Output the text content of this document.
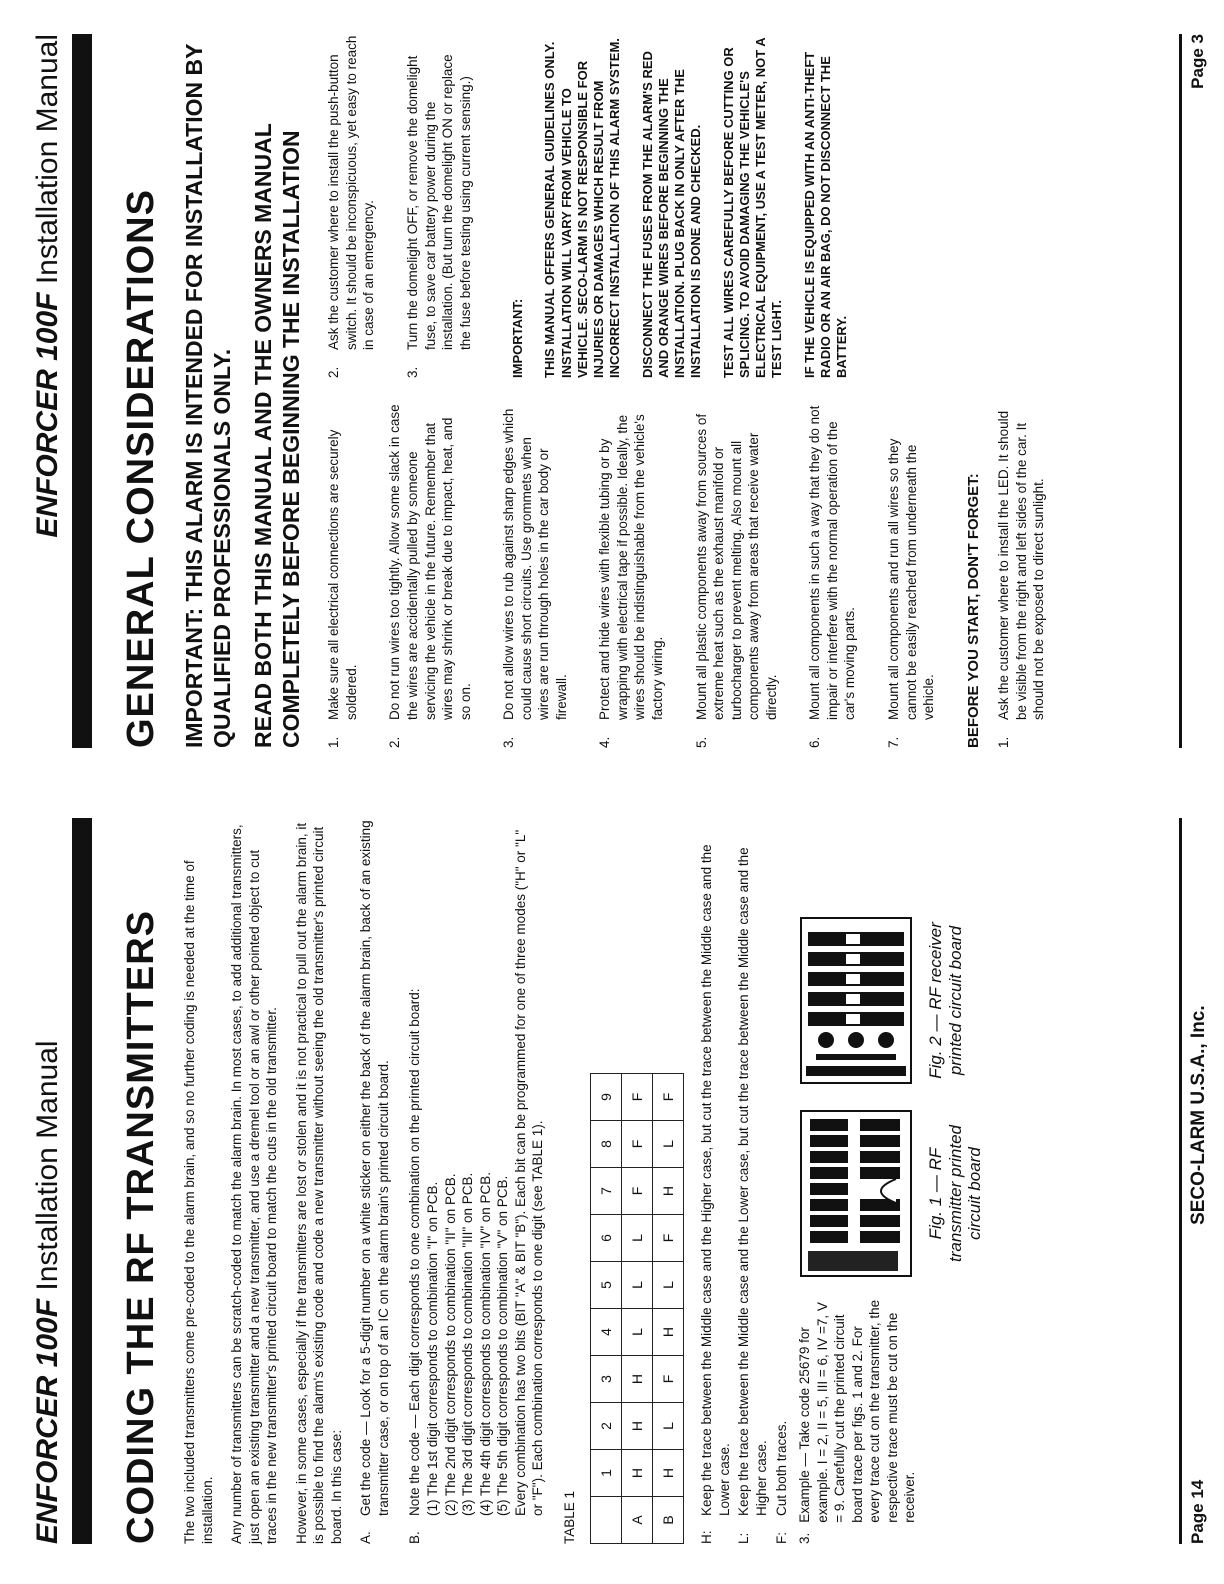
ENFORCER 100F Installation Manual CODING THE RF TRANSMITTERS The two included transmitters come pre-coded to the alarm brain, and so no further coding is needed at the time of installation. Any number of transmitters can be scratch-coded to match the alarm brain. In most cases, to add additional transmitters, just open an existing transmitter and a new transmitter, and use a dremel tool or an awl or other pointed object to cut traces in the new transmitter's printed circuit board to match the cuts in the old transmitter. However, in some cases, especially if the transmitters are lost or stolen and it is not practical to pull out the alarm brain, it is possible to find the alarm's existing code and code a new transmitter without seeing the old transmitter's printed circuit board. In this case: A.
Get the code — Look for a 5-digit number on a white sticker on either the back of the alarm brain, back of an existing transmitter case, or on top of an IC on the alarm brain's printed circuit board.
B.
Note the code — Each digit corresponds to one combination on the printed circuit board: (1) The 1st digit corresponds to combination "I" on PCB. (2) The 2nd digit corresponds to combination "II" on PCB. (3) The 3rd digit corresponds to combination "III" on PCB. (4) The 4th digit corresponds to combination "IV" on PCB. (5) The 5th digit corresponds to combination "V" on PCB. Every combination has two bits (BIT "A" & BIT "B"). Each bit can be programmed for one of three modes ("H" or "L" or "F"). Each combination corresponds to one digit (see TABLE 1).
TABLE 1
	1	2	3	4	5	6	7	8	9
A	H	H	H	L	L	L	F	F	F
B	H	L	F	H	L	F	H	L	F
H:
Keep the trace between the Middle case and the Higher case, but cut the trace between the Middle case and the Lower case.
L:
Keep the trace between the Middle case and the Lower case, but cut the trace between the Middle case and the Higher case.
F:
Cut both traces.
3.
Example — Take code 25679 for example. I = 2, II = 5, III = 6, IV =7, V = 9. Carefully cut the printed circuit board trace per figs. 1 and 2. For every trace cut on the transmitter, the respective trace must be cut on the receiver.
Fig. 1 — RF transmitter printed circuit board
Fig. 2 — RF receiver printed circuit board
Page 14
SECO-LARM U.S.A., Inc.
ENFORCER 100F Installation Manual
GENERAL CONSIDERATIONS IMPORTANT: THIS ALARM IS INTENDED FOR INSTALLATION BY QUALIFIED PROFESSIONALS ONLY. READ BOTH THIS MANUAL AND THE OWNERS MANUAL COMPLETELY BEFORE BEGINNING THE INSTALLATION 1.
Make sure all electrical connections are securely soldered.
2.
Do not run wires too tightly. Allow some slack in case the wires are accidentally pulled by someone servicing the vehicle in the future. Remember that wires may shrink or break due to impact, heat, and so on.
3.
Do not allow wires to rub against sharp edges which could cause short circuits. Use grommets when wires are run through holes in the car body or firewall.
4.
Protect and hide wires with flexible tubing or by wrapping with electrical tape if possible. Ideally, the wires should be indistinguishable from the vehicle's factory wiring.
5.
Mount all plastic components away from sources of extreme heat such as the exhaust manifold or turbocharger to prevent melting. Also mount all components away from areas that receive water directly.
6.
Mount all components in such a way that they do not impair or interfere with the normal operation of the car's moving parts.
7.
Mount all components and run all wires so they cannot be easily reached from underneath the vehicle. BEFORE YOU START, DON'T FORGET: 1.
Ask the customer where to install the LED. It should be visible from the right and left sides of the car. It should not be exposed to direct sunlight.
2.
Ask the customer where to install the push-button switch. It should be inconspicuous, yet easy to reach in case of an emergency.
3.
Turn the domelight OFF, or remove the domelight fuse, to save car battery power during the installation. (But turn the domelight ON or replace the fuse before testing using current sensing.)	IMPORTANT: THIS MANUAL OFFERS GENERAL GUIDELINES ONLY. INSTALLATION WILL VARY FROM VEHICLE TO VEHICLE. SECO-LARM IS NOT RESPONSIBLE FOR INJURIES OR DAMAGES WHICH RESULT FROM INCORRECT INSTALLATION OF THIS ALARM SYSTEM. DISCONNECT THE FUSES FROM THE ALARM'S RED AND ORANGE WIRES BEFORE BEGINNING THE INSTALLATION. PLUG BACK IN ONLY AFTER THE INSTALLATION IS DONE AND CHECKED. TEST ALL WIRES CAREFULLY BEFORE CUTTING OR SPLICING. TO AVOID DAMAGING THE VEHICLE'S ELECTRICAL EQUIPMENT, USE A TEST METER, NOT A TEST LIGHT. IF THE VEHICLE IS EQUIPPED WITH AN ANTI-THEFT RADIO OR AN AIR BAG, DO NOT DISCONNECT THE BATTERY.
Page 3
